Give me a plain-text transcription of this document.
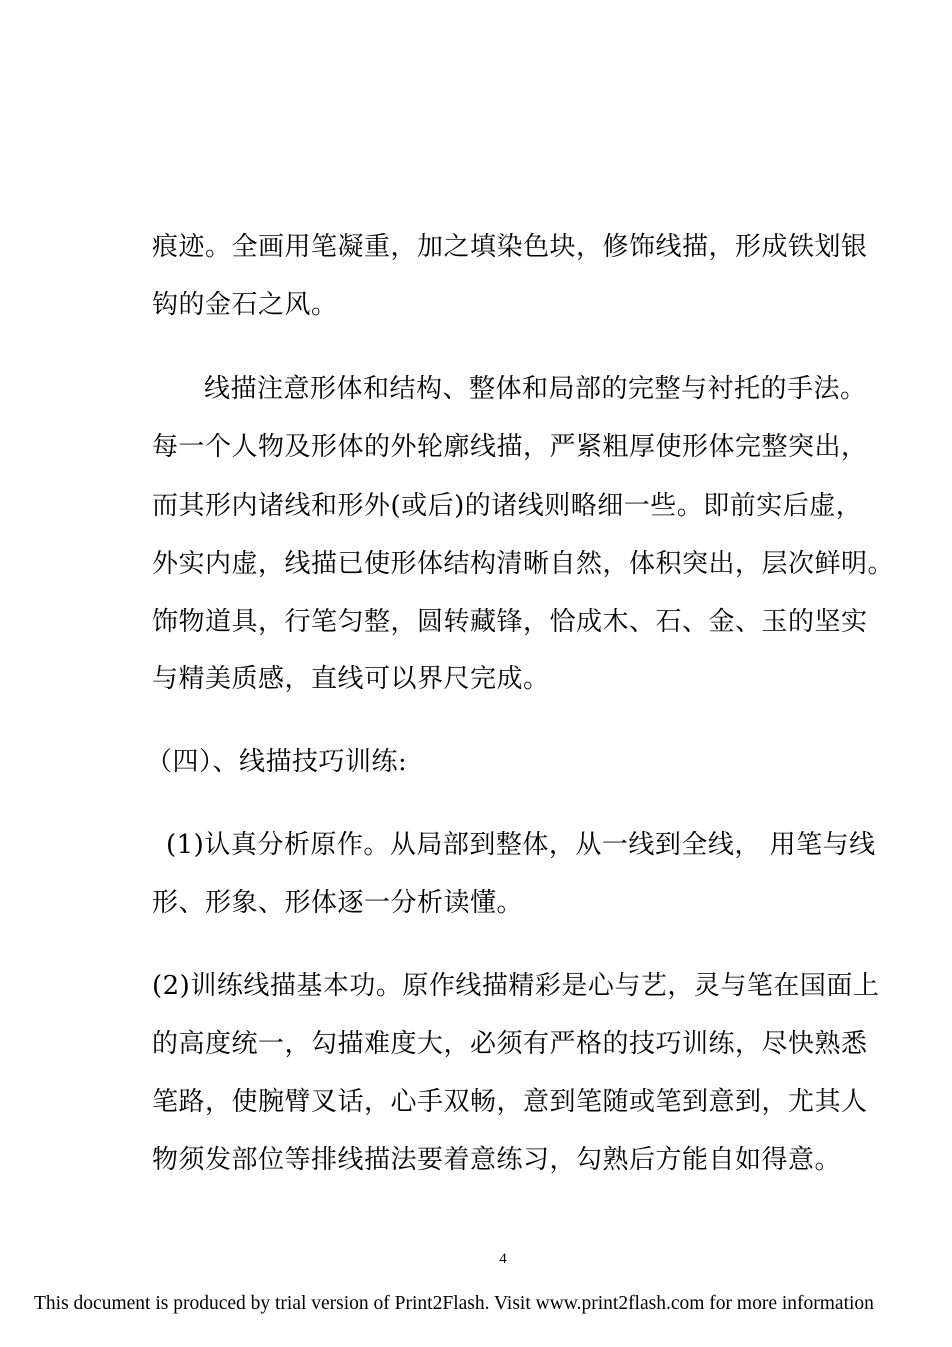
痕迹。全画用笔凝重，加之填染色块，修饰线描，形成铁划银
钩的金石之风。
线描注意形体和结构、整体和局部的完整与衬托的手法。
每一个人物及形体的外轮廓线描，严紧粗厚使形体完整突出，
而其形内诸线和形外(或后)的诸线则略细一些。即前实后虚，
外实内虚，线描已使形体结构清晰自然，体积突出，层次鲜明。
饰物道具，行笔匀整，圆转藏锋，恰成木、石、金、玉的坚实
与精美质感，直线可以界尺完成。
（四）、线描技巧训练:
(1)认真分析原作。从局部到整体，从一线到全线， 用笔与线
形、形象、形体逐一分析读懂。
(2)训练线描基本功。原作线描精彩是心与艺，灵与笔在国面上
的高度统一，勾描难度大，必须有严格的技巧训练，尽快熟悉
笔路，使腕臂叉话，心手双畅，意到笔随或笔到意到，尤其人
物须发部位等排线描法要着意练习，勾熟后方能自如得意。
4
This document is produced by trial version of Print2Flash. Visit www.print2flash.com for more information
